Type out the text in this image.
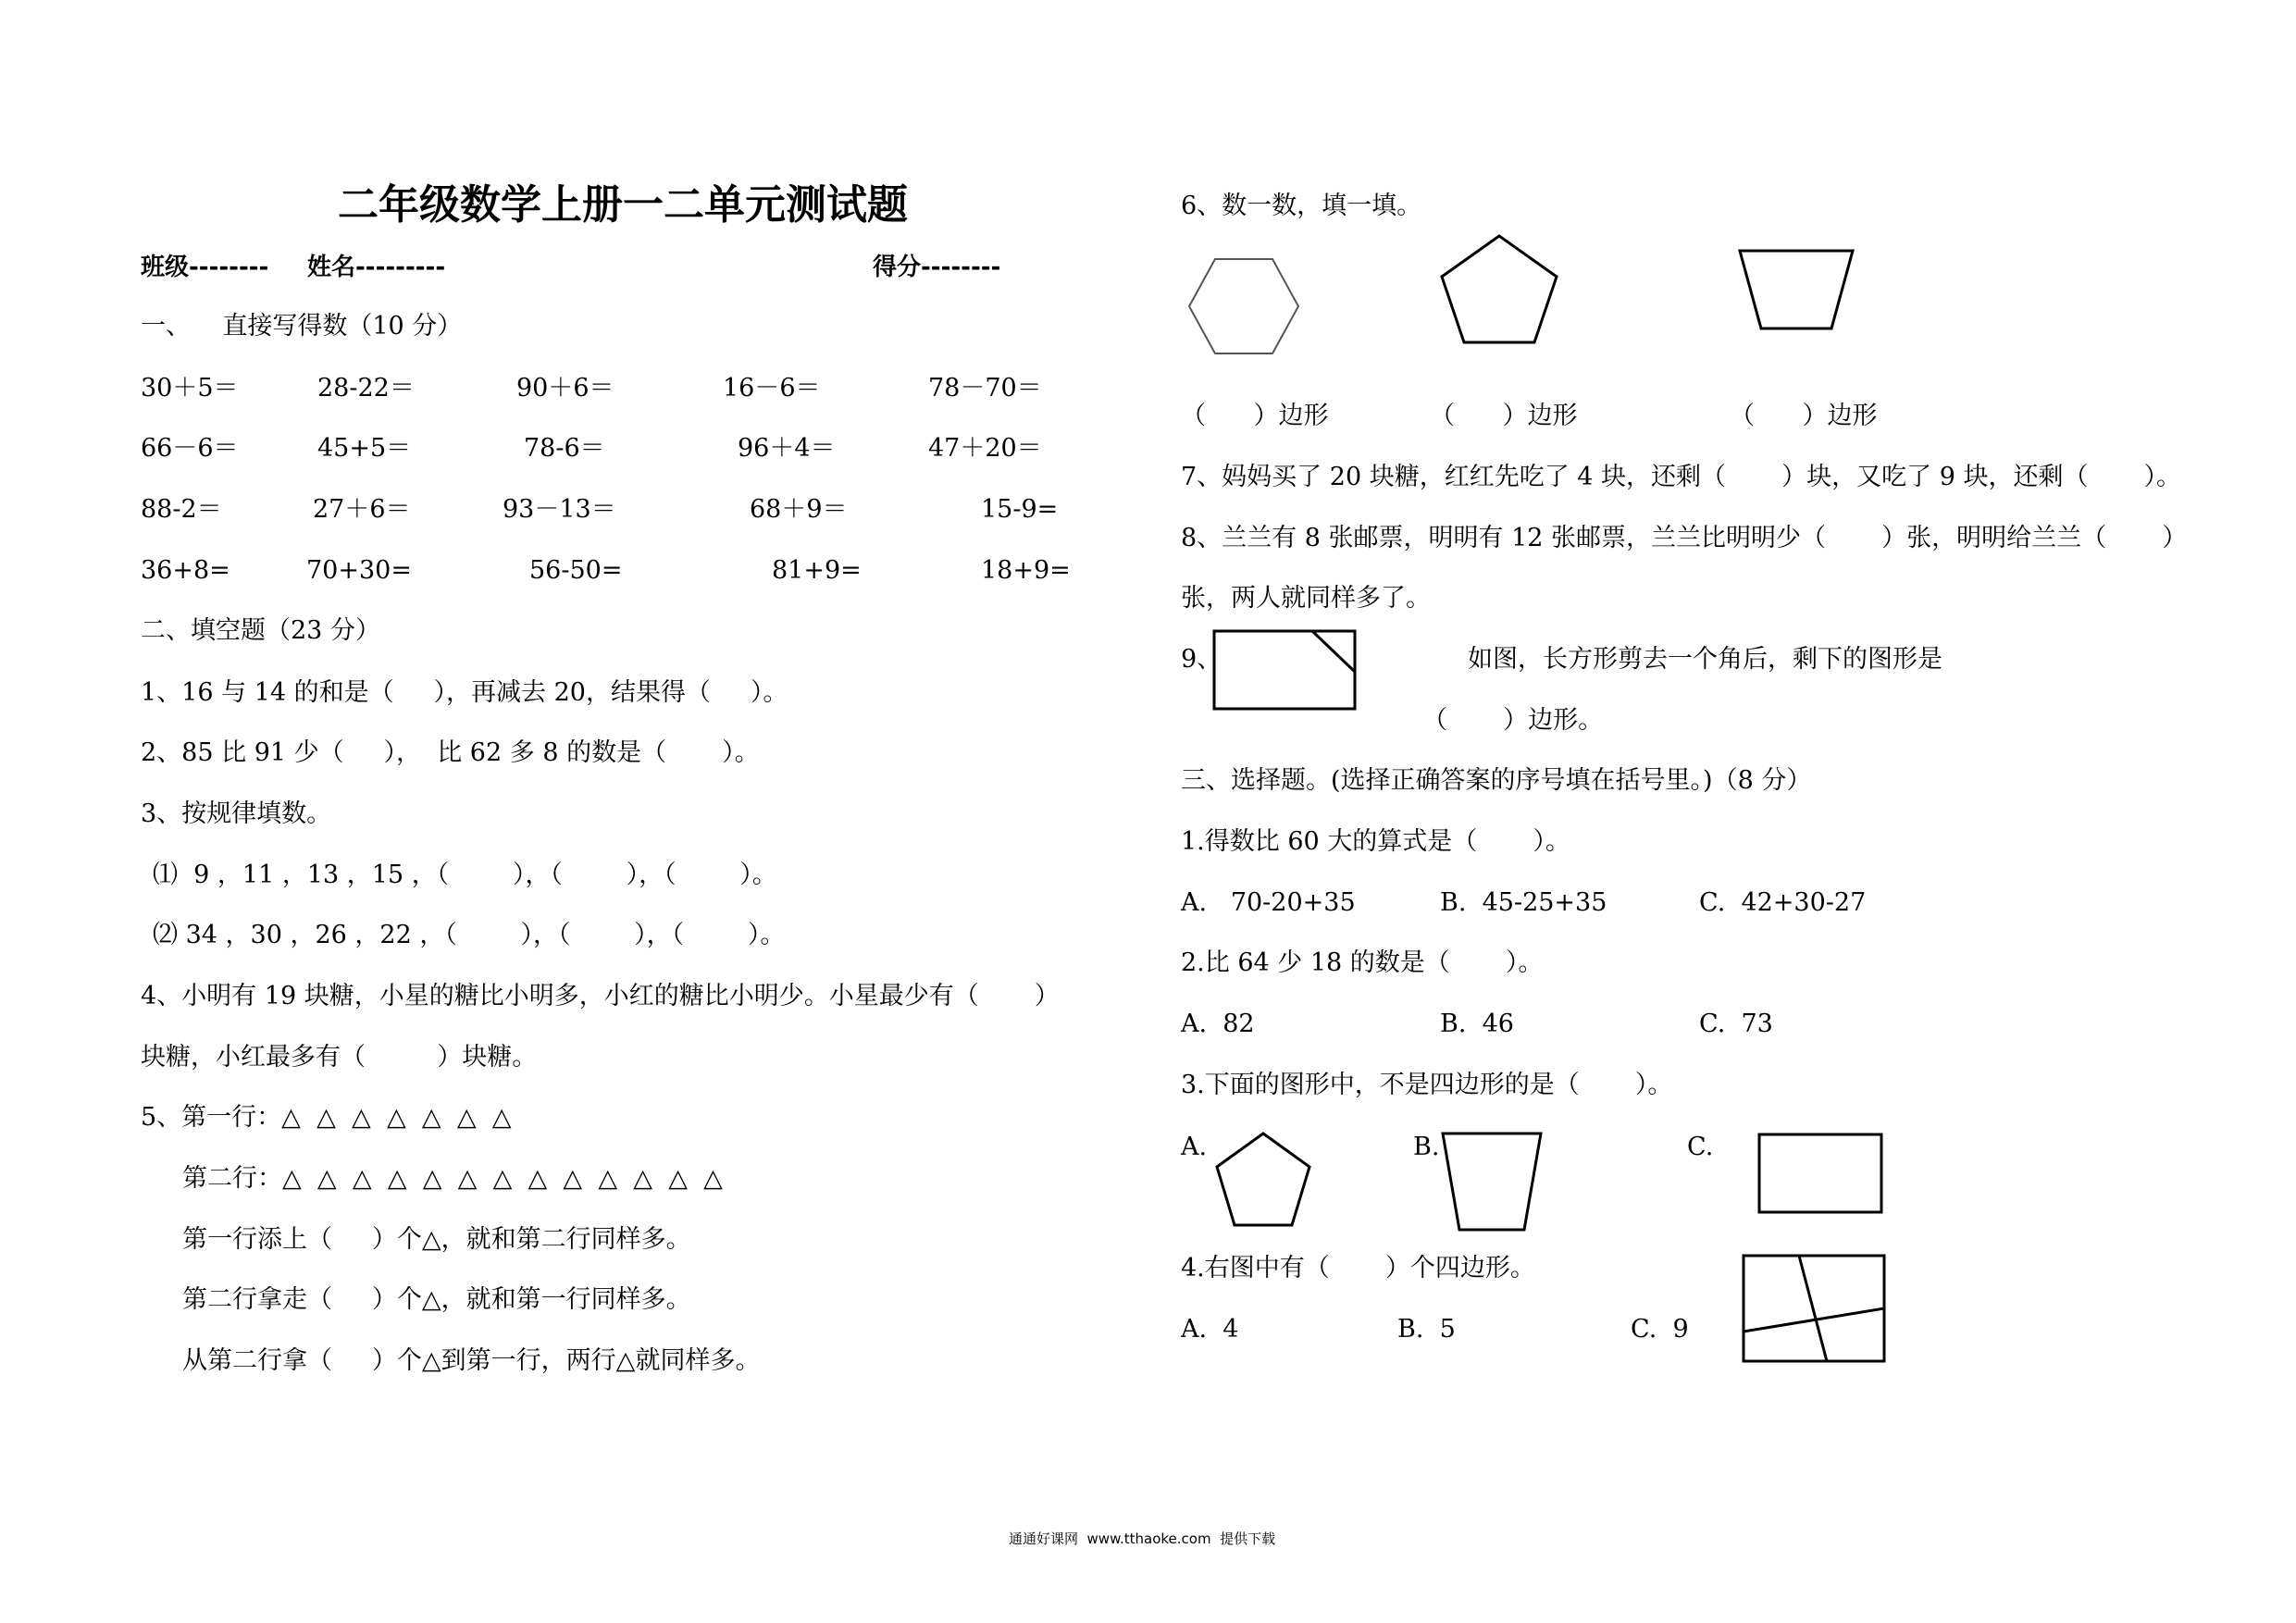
二年级数学上册一二单元测试题
班级-------- 姓名---------	得分--------
一、    直接写得数（10 分）
30＋5＝	28-22＝	90＋6＝	16－6＝	78－70＝
66－6＝	45+5＝	78-6＝	96＋4＝	47＋20＝
88-2＝	27＋6＝	93－13＝	68＋9＝	15-9=
36+8=	70+30=	56-50=	81+9=	18+9=
二、填空题（23 分）
1、16 与 14 的和是（     ），再减去 20，结果得（     ）。
2、85 比 91 少（     ），  比 62 多 8 的数是（       ）。
3、按规律填数。
⑴  9 ，11 ，13 ，15 ，（        ），（        ），（        ）。
⑵ 34 ，30 ，26 ，22 ，（        ），（        ），（        ）。
4、小明有 19 块糖，小星的糖比小明多，小红的糖比小明少。小星最少有（       ）
块糖，小红最多有（         ）块糖。
5、第一行：△  △  △  △  △  △  △
第二行：△  △  △  △  △  △  △  △  △  △  △  △  △
第一行添上（     ）个△，就和第二行同样多。
第二行拿走（     ）个△，就和第一行同样多。
从第二行拿（     ）个△到第一行，两行△就同样多。
6、数一数，填一填。
（      ）边形	（      ）边形	（      ）边形
7、妈妈买了 20 块糖，红红先吃了 4 块，还剩（       ）块，又吃了 9 块，还剩（       ）。
8、兰兰有 8 张邮票，明明有 12 张邮票，兰兰比明明少（       ）张，明明给兰兰（       ）
张，两人就同样多了。
9、	如图，长方形剪去一个角后，剩下的图形是
（       ）边形。
三、选择题。(选择正确答案的序号填在括号里。)（8 分）
1.得数比 60 大的算式是（       ）。
A.   70-20+35	B.  45-25+35	C.  42+30-27
2.比 64 少 18 的数是（       ）。
A.  82	B.  46	C.  73
3.下面的图形中，不是四边形的是（       ）。
A.	B.	C.
4.右图中有（       ）个四边形。
A.  4	B.  5	C.  9
通通好课网  www.tthaoke.com  提供下载
